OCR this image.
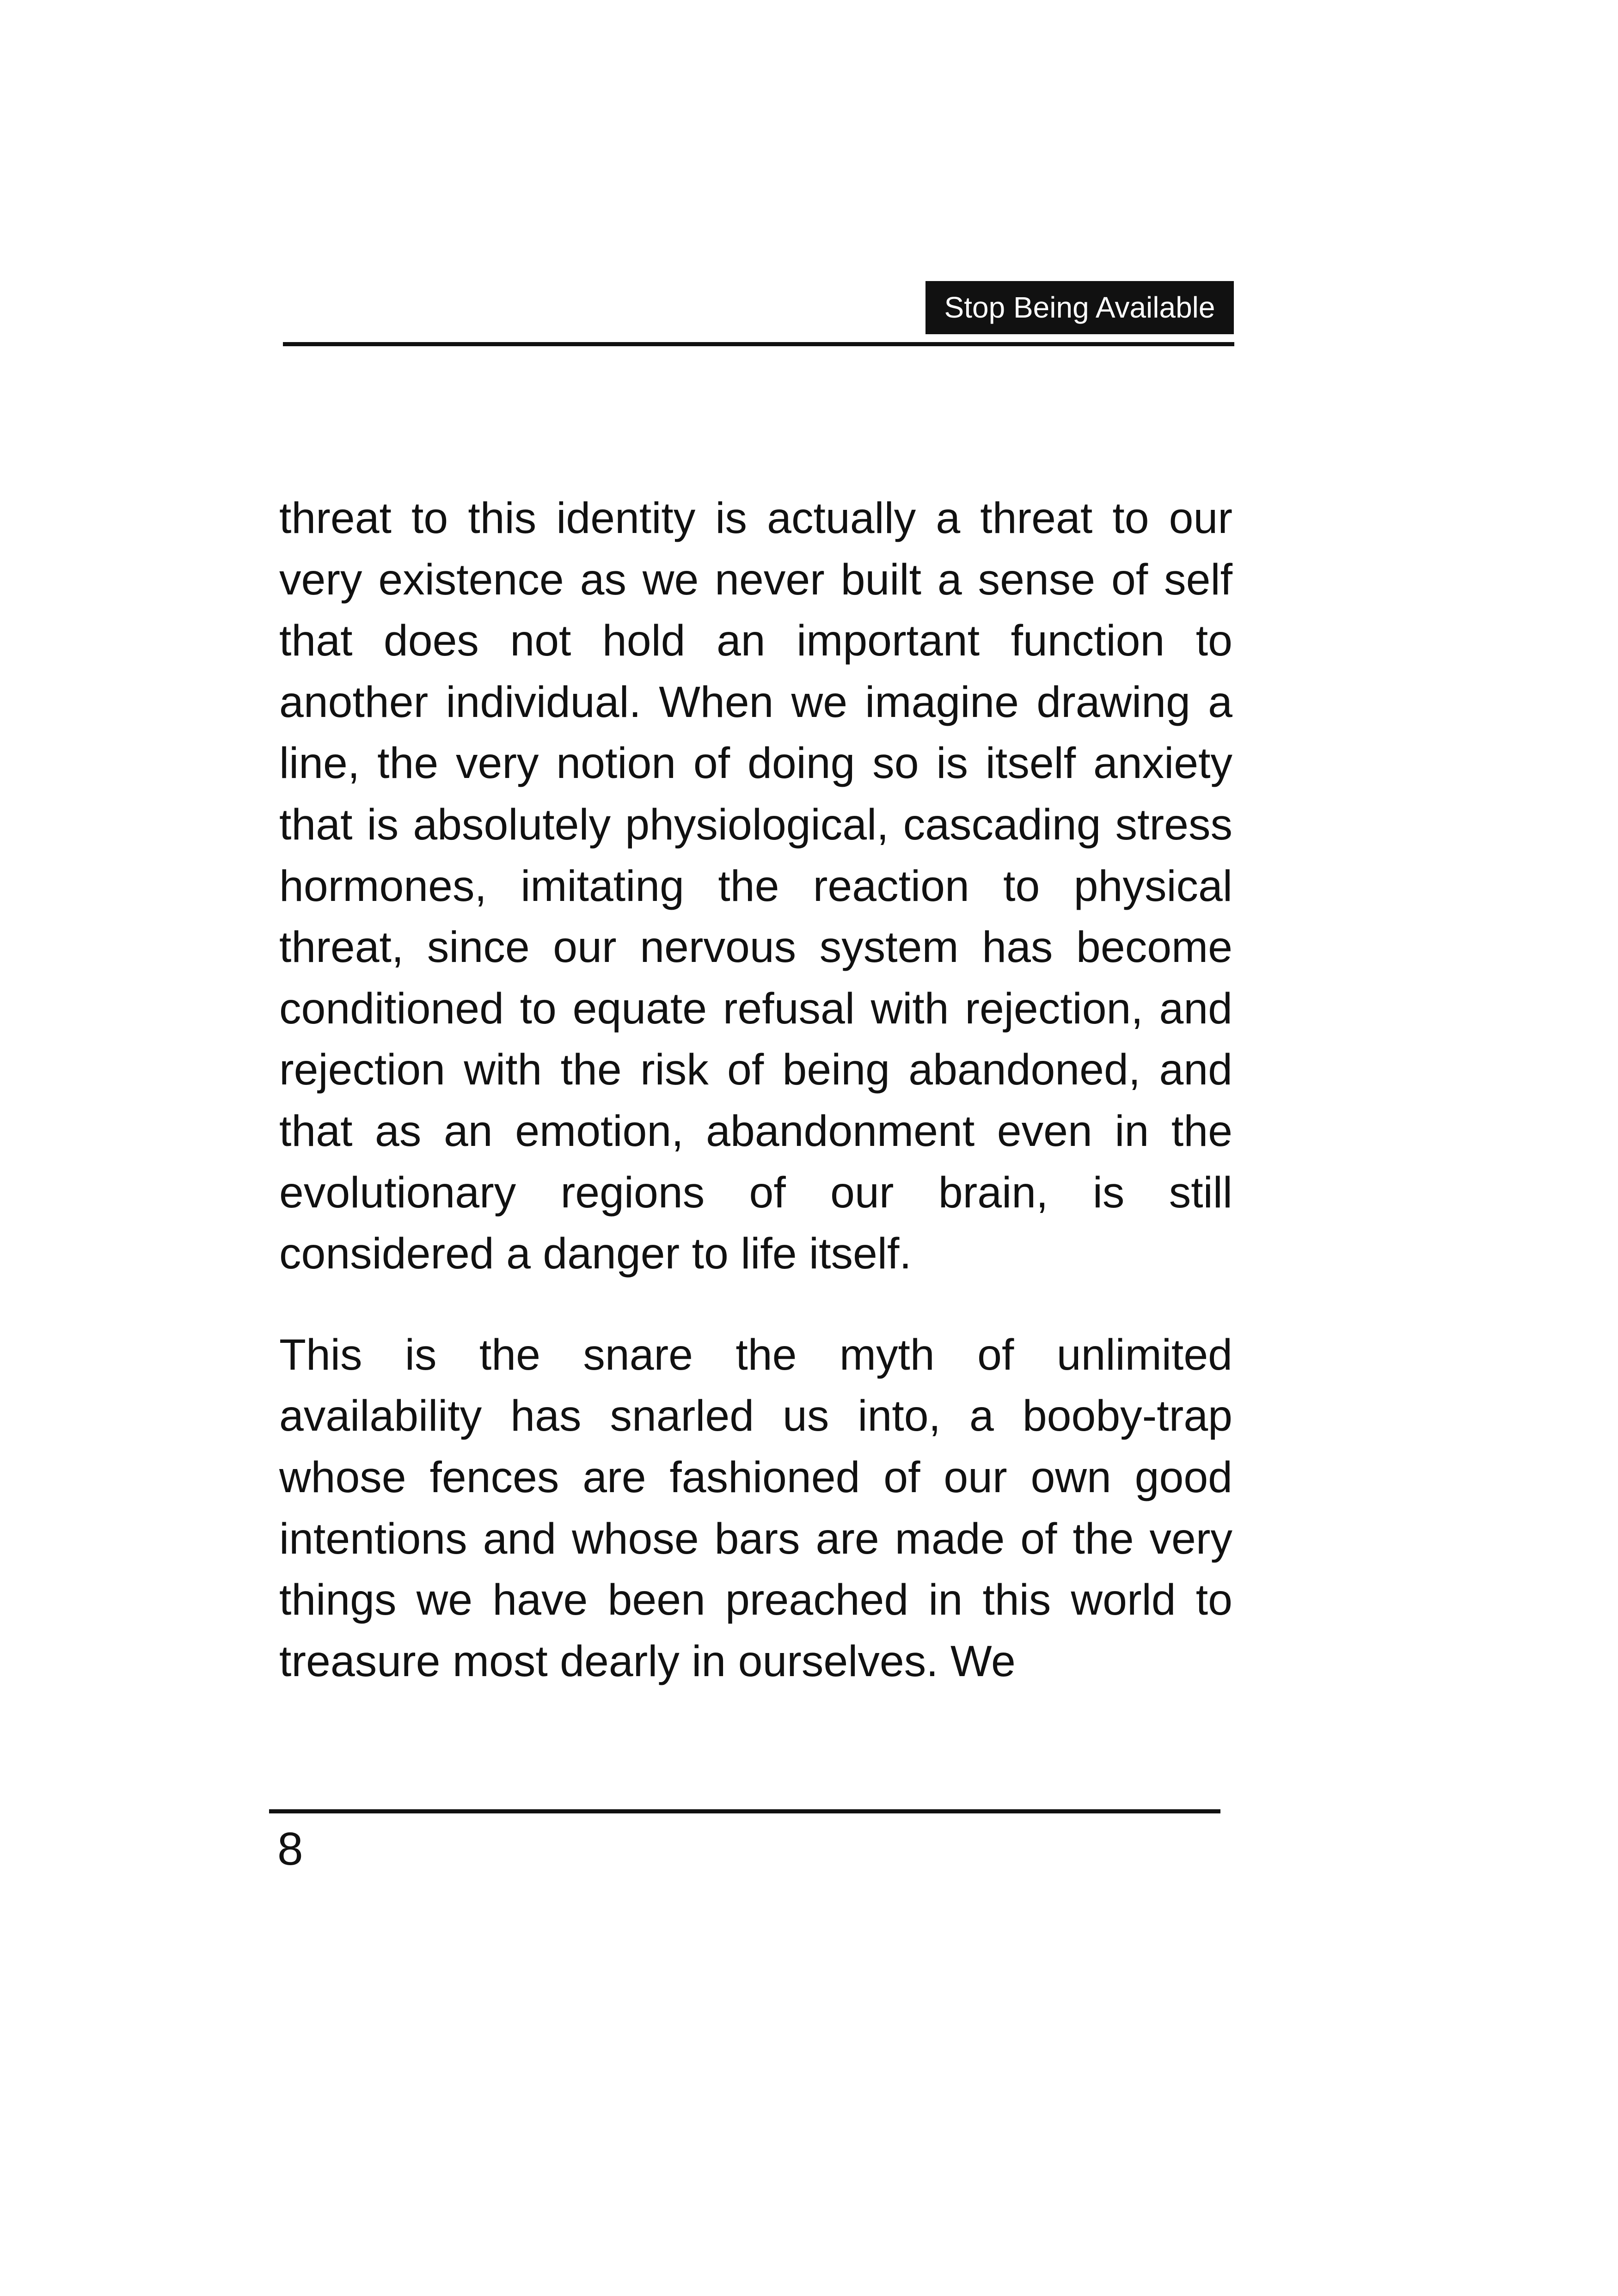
Stop Being Available

threat to this identity is actually a threat to our very existence as we never built a sense of self that does not hold an important function to another individual. When we imagine drawing a line, the very notion of doing so is itself anxiety that is absolutely physiological, cascading stress hormones, imitating the reaction to physical threat, since our nervous system has become conditioned to equate refusal with rejection, and rejection with the risk of being abandoned, and that as an emotion, abandonment even in the evolutionary regions of our brain, is still considered a danger to life itself.

This is the snare the myth of unlimited availability has snarled us into, a booby-trap whose fences are fashioned of our own good intentions and whose bars are made of the very things we have been preached in this world to treasure most dearly in ourselves. We

8
